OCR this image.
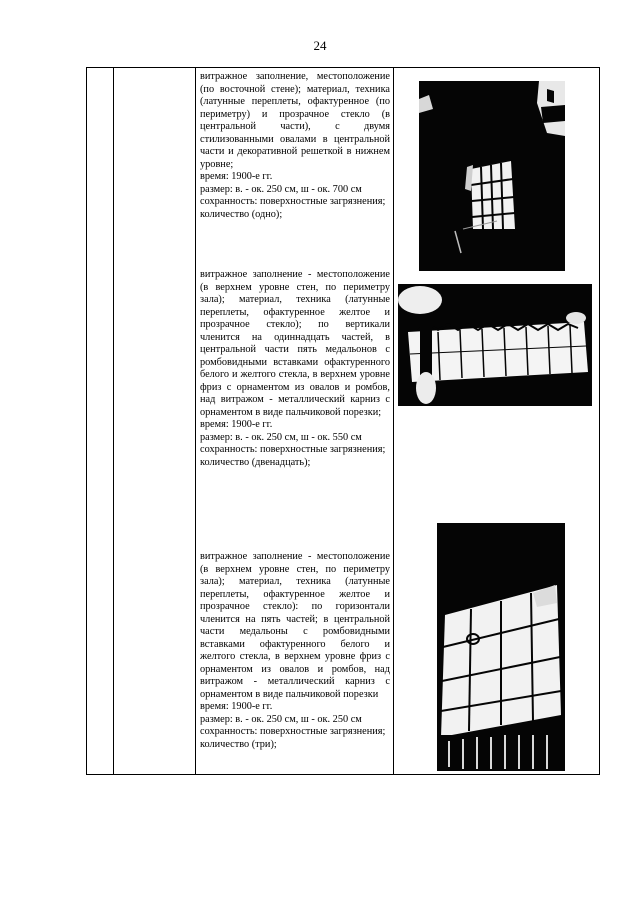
24

витражное заполнение, местоположение (по восточной стене); материал, техника (латунные переплеты, офактуренное (по периметру) и прозрачное стекло (в центральной части), с двумя стилизованными овалами в центральной части и декоративной решеткой в нижнем уровне;

время: 1900-е гг.

размер: в. - ок. 250 см, ш - ок. 700 см

сохранность: поверхностные загрязнения;

количество (одно);

витражное заполнение - местоположение (в верхнем уровне стен, по периметру зала); материал, техника (латунные переплеты, офактуренное желтое и прозрачное стекло); по вертикали членится на одиннадцать частей, в центральной части пять медальонов с ромбовидными вставками офактуренного белого и желтого стекла, в верхнем уровне фриз с орнаментом из овалов и ромбов, над витражом - металлический карниз с орнаментом в виде пальчиковой порезки;

время: 1900-е гг.

размер: в. - ок. 250 см, ш - ок. 550 см

сохранность: поверхностные загрязнения;

количество (двенадцать);

витражное заполнение - местоположение (в верхнем уровне стен, по периметру зала); материал, техника (латунные переплеты, офактуренное желтое и прозрачное стекло): по горизонтали членится на пять частей; в центральной части медальоны с ромбовидными вставками офактуренного белого и желтого стекла, в верхнем уровне фриз с орнаментом из овалов и ромбов, над витражом - металлический карниз с орнаментом в виде пальчиковой порезки

время: 1900-е гг.

размер: в. - ок. 250 см, ш - ок. 250 см

сохранность: поверхностные загрязнения;

количество (три);
